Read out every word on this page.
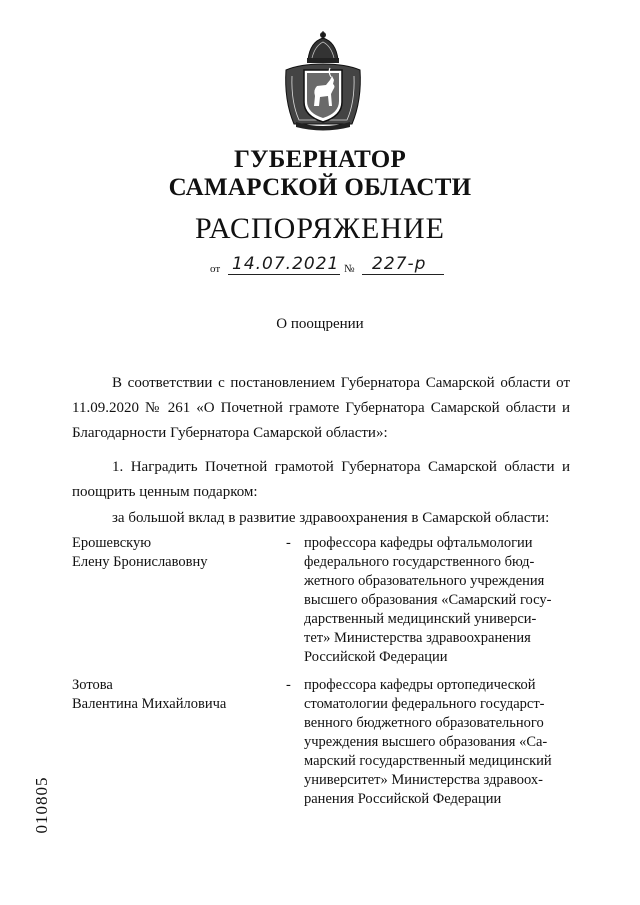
ГУБЕРНАТОР
САМАРСКОЙ ОБЛАСТИ
РАСПОРЯЖЕНИЕ
от 14.07.2021 № 227-р
О поощрении

В соответствии с постановлением Губернатора Самарской области от 11.09.2020 № 261 «О Почетной грамоте Губернатора Самарской области и Благодарности Губернатора Самарской области»:

1. Наградить Почетной грамотой Губернатора Самарской области и поощрить ценным подарком:

за большой вклад в развитие здравоохранения в Самарской области:

Ерошевскую
Елену Брониславовну
- профессора кафедры офтальмологии
федерального государственного бюд-
жетного образовательного учреждения
высшего образования «Самарский госу-
дарственный медицинский универси-
тет» Министерства здравоохранения
Российской Федерации
Зотова
Валентина Михайловича
- профессора кафедры ортопедической
стоматологии федерального государст-
венного бюджетного образовательного
учреждения высшего образования «Са-
марский государственный медицинский
университет» Министерства здравоох-
ранения Российской Федерации
010805
